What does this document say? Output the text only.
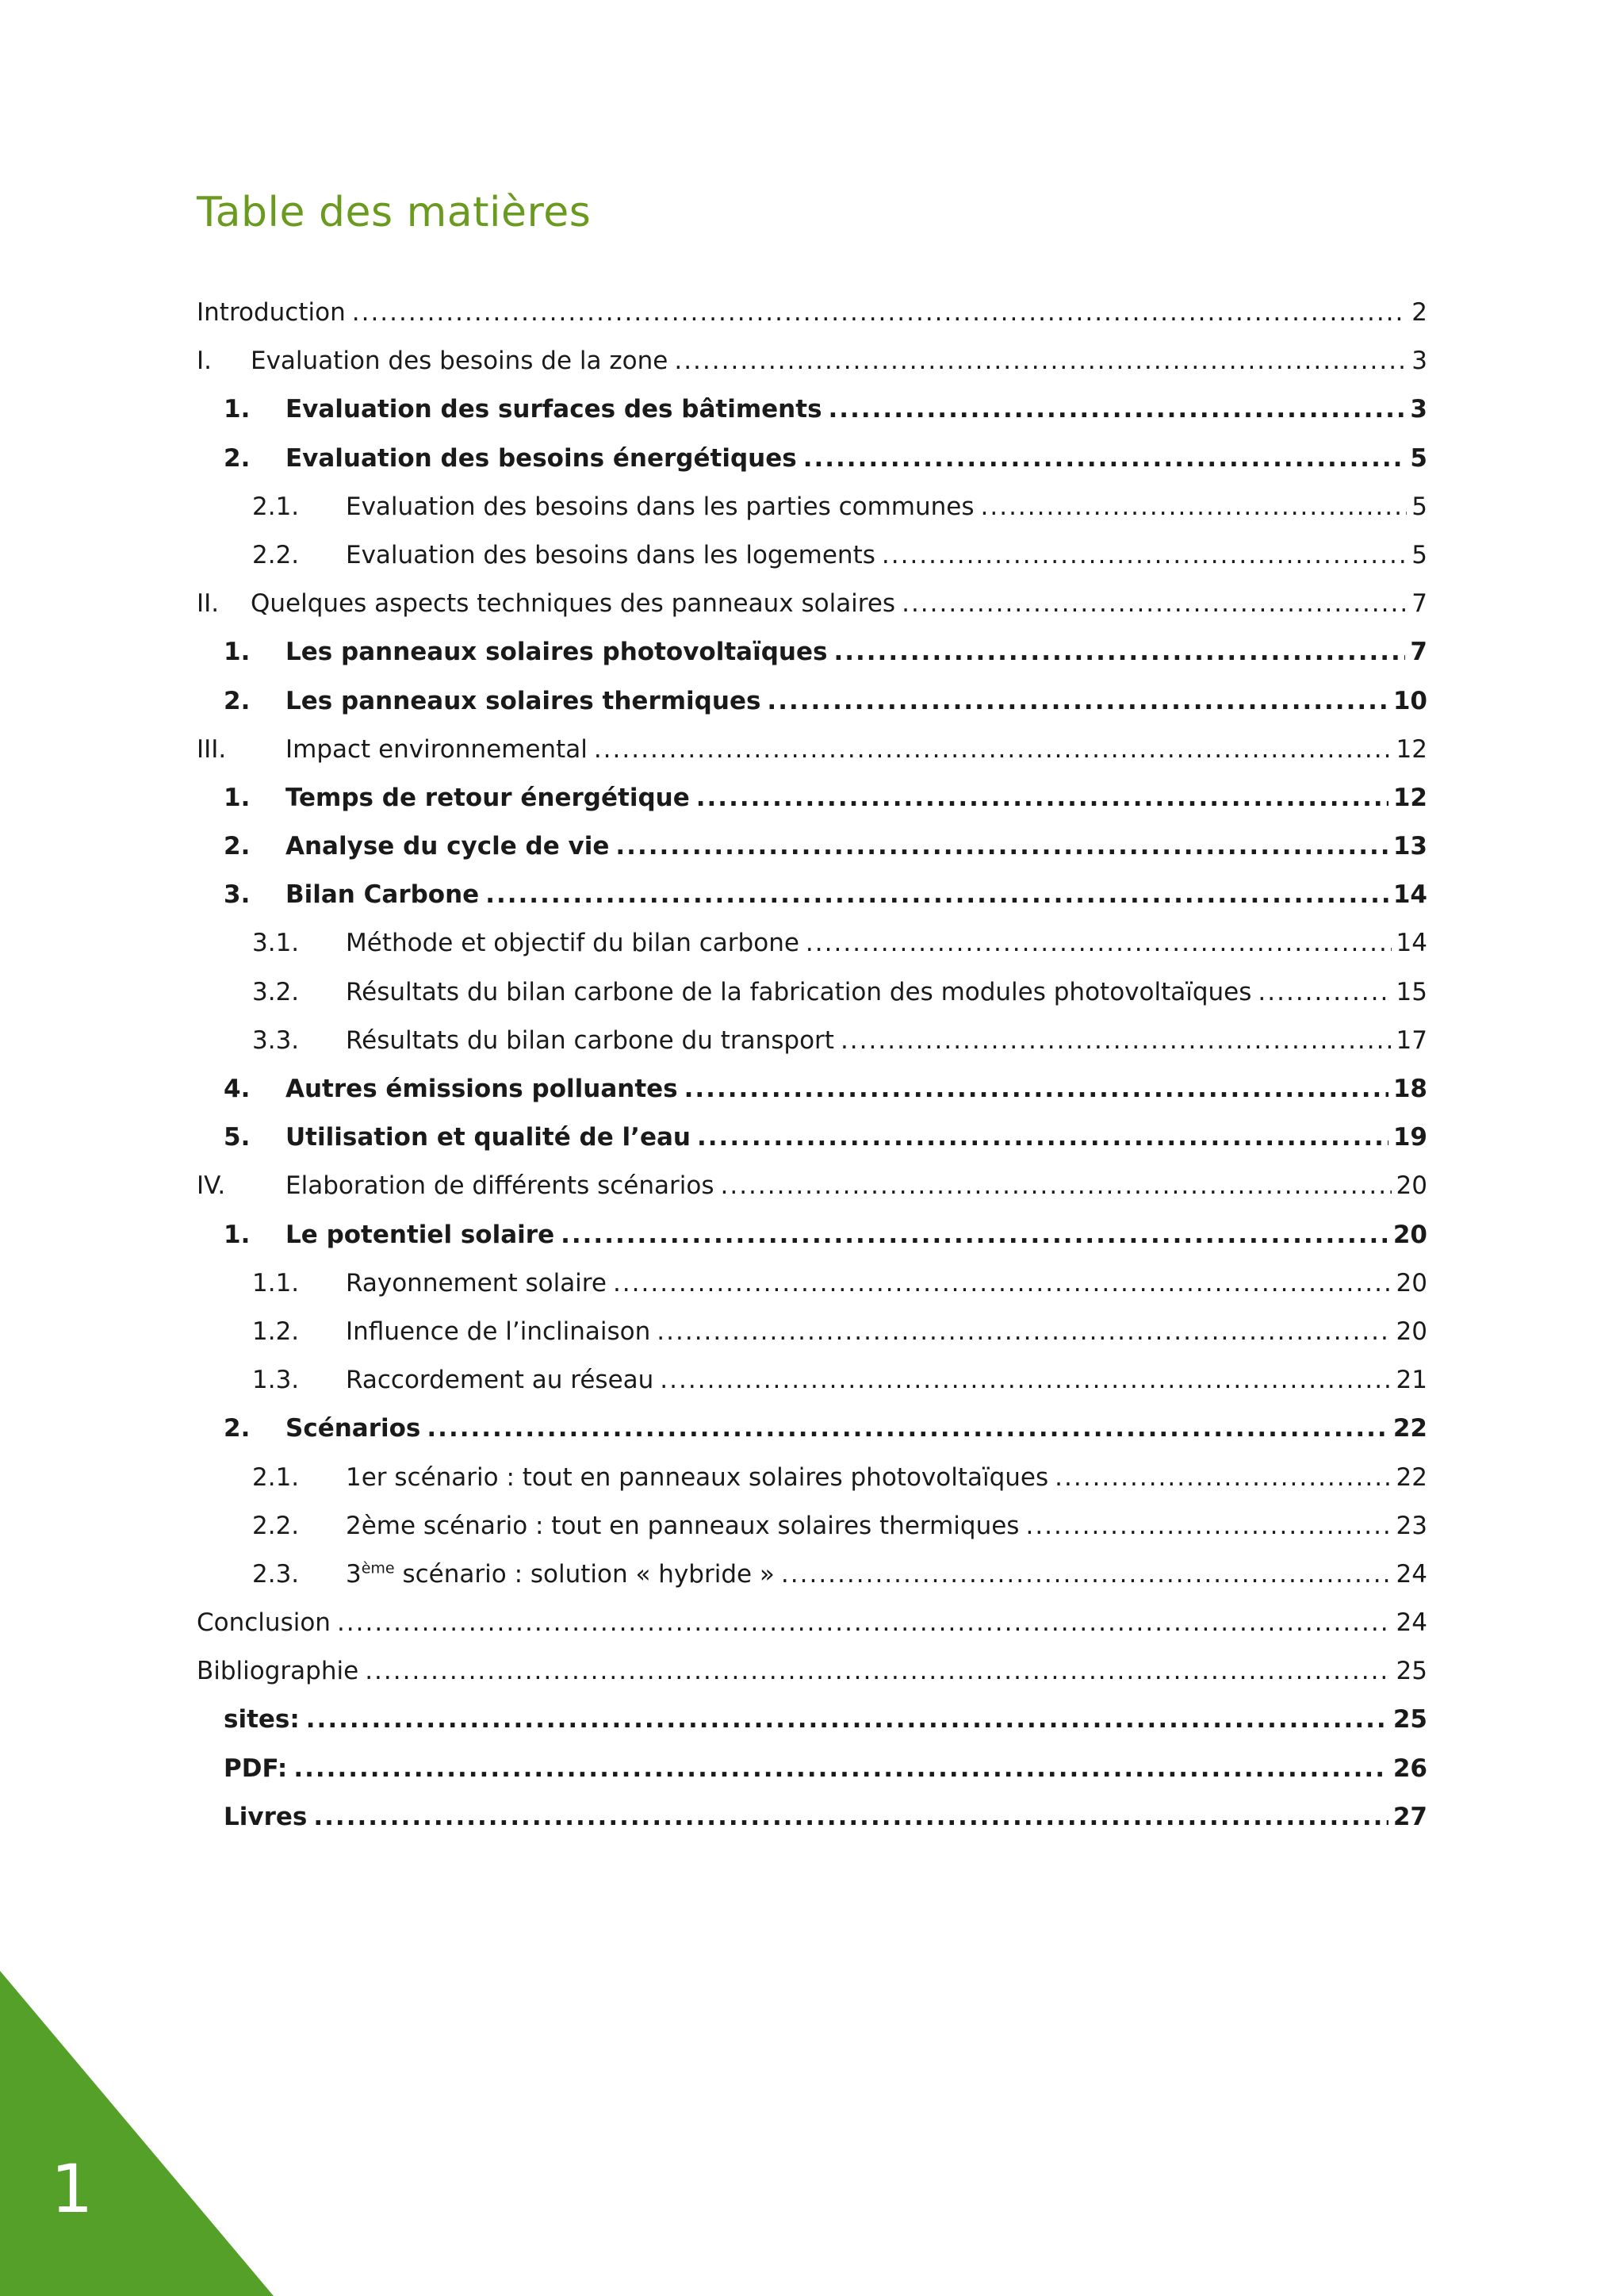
Table des matières
Introduction .....	2
I.	Evaluation des besoins de la zone .....	3
1.	Evaluation des surfaces des bâtiments .....	3
2.	Evaluation des besoins énergétiques .....	5
2.1.	Evaluation des besoins dans les parties communes .....	5
2.2.	Evaluation des besoins dans les logements .....	5
II.	Quelques aspects techniques des panneaux solaires .....	7
1.	Les panneaux solaires photovoltaïques .....	7
2.	Les panneaux solaires thermiques .....	10
III.	Impact environnemental .....	12
1.	Temps de retour énergétique .....	12
2.	Analyse du cycle de vie .....	13
3.	Bilan Carbone .....	14
3.1.	Méthode et objectif du bilan carbone .....	14
3.2.	Résultats du bilan carbone de la fabrication des modules photovoltaïques .....	15
3.3.	Résultats du bilan carbone du transport .....	17
4.	Autres émissions polluantes .....	18
5.	Utilisation et qualité de l’eau .....	19
IV.	Elaboration de différents scénarios .....	20
1.	Le potentiel solaire .....	20
1.1.	Rayonnement solaire .....	20
1.2.	Influence de l’inclinaison .....	20
1.3.	Raccordement au réseau .....	21
2.	Scénarios .....	22
2.1.	1er scénario : tout en panneaux solaires photovoltaïques .....	22
2.2.	2ème scénario : tout en panneaux solaires thermiques .....	23
2.3.	3ème scénario : solution « hybride » .....	24
Conclusion .....	24
Bibliographie .....	25
sites: .....	25
PDF: .....	26
Livres .....	27
1
